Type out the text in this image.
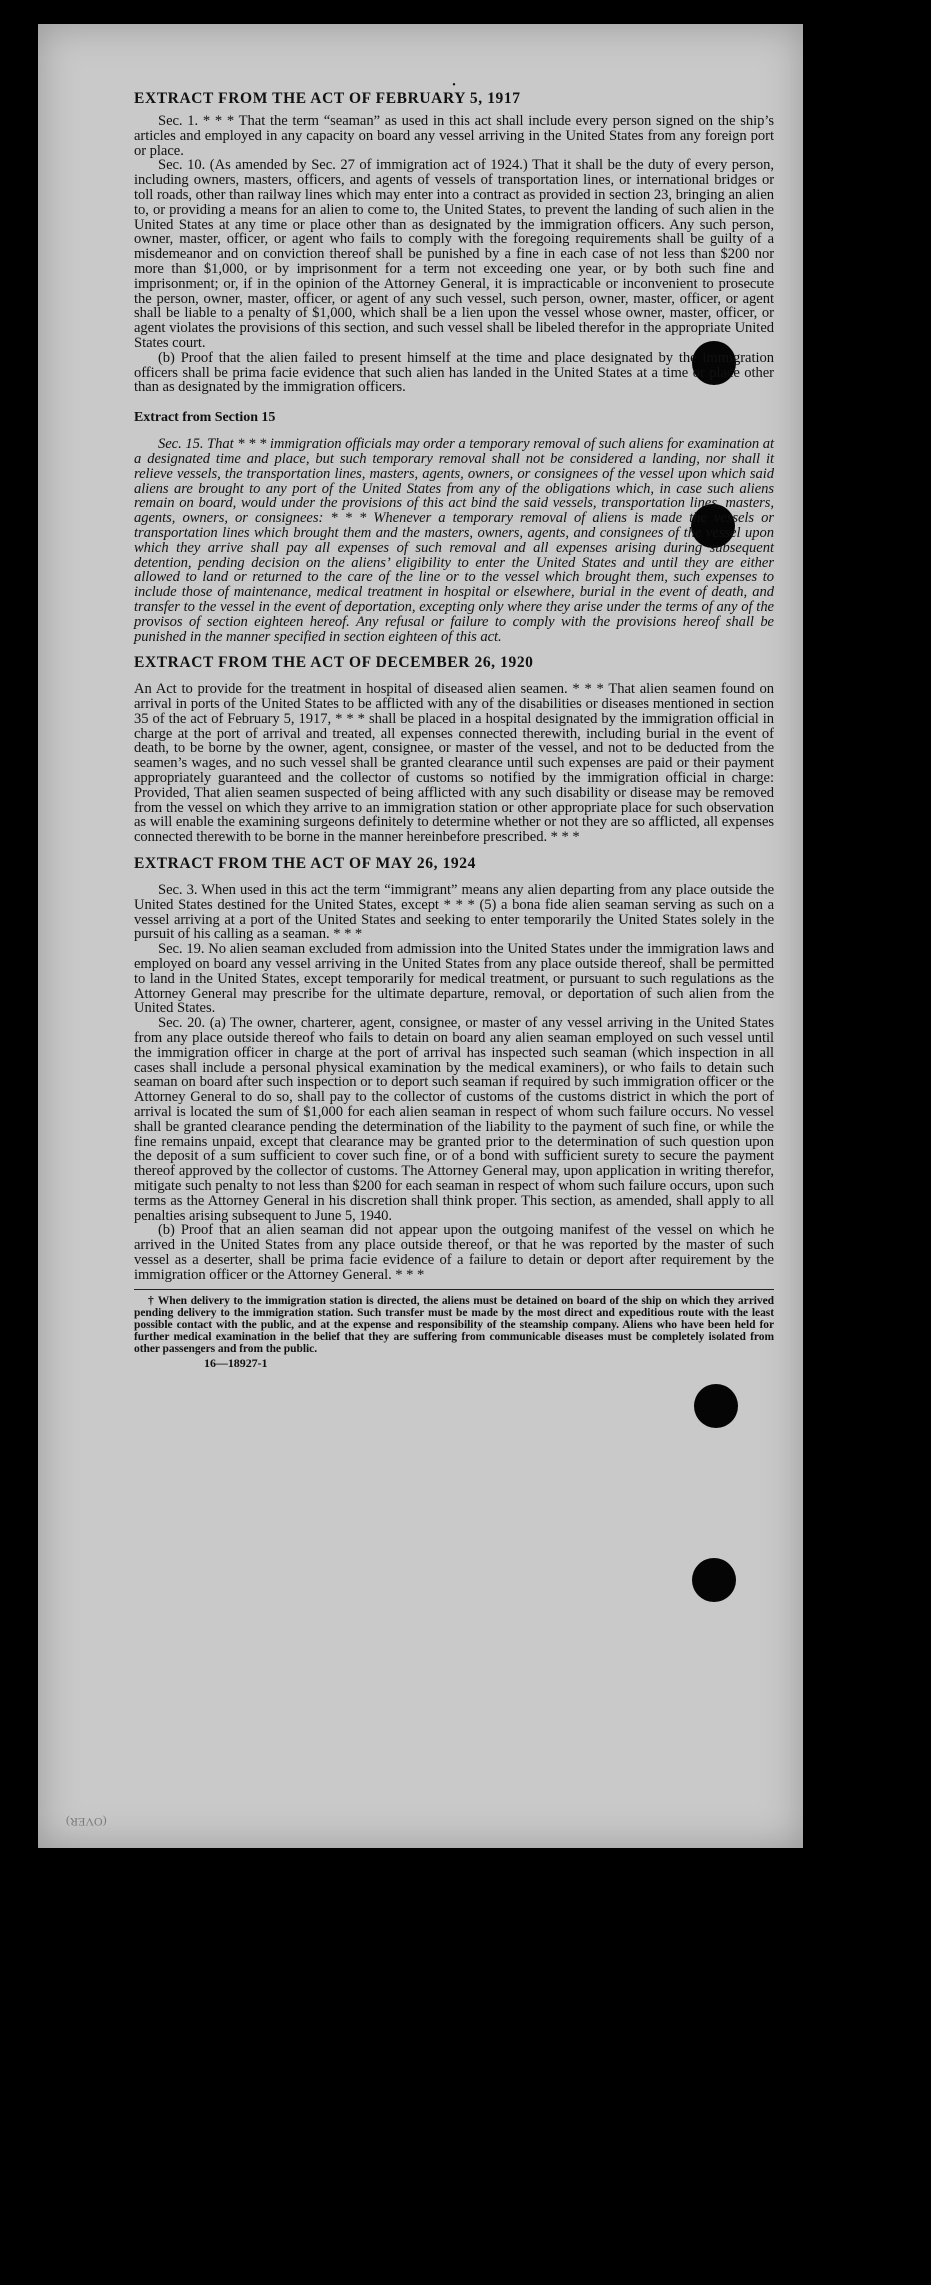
(OVER)
•

EXTRACT FROM THE ACT OF FEBRUARY 5, 1917

Sec. 1. * * * That the term “seaman” as used in this act shall include every person signed on the ship’s articles and employed in any capacity on board any vessel arriving in the United States from any foreign port or place.

Sec. 10. (As amended by Sec. 27 of immigration act of 1924.) That it shall be the duty of every person, including owners, masters, officers, and agents of vessels of transportation lines, or international bridges or toll roads, other than railway lines which may enter into a contract as provided in section 23, bringing an alien to, or providing a means for an alien to come to, the United States, to prevent the landing of such alien in the United States at any time or place other than as designated by the immigration officers. Any such person, owner, master, officer, or agent who fails to comply with the foregoing requirements shall be guilty of a misdemeanor and on conviction thereof shall be punished by a fine in each case of not less than $200 nor more than $1,000, or by imprisonment for a term not exceeding one year, or by both such fine and imprisonment; or, if in the opinion of the Attorney General, it is impracticable or inconvenient to prosecute the person, owner, master, officer, or agent of any such vessel, such person, owner, master, officer, or agent shall be liable to a penalty of $1,000, which shall be a lien upon the vessel whose owner, master, officer, or agent violates the provisions of this section, and such vessel shall be libeled therefor in the appropriate United States court.

(b) Proof that the alien failed to present himself at the time and place designated by the immigration officers shall be prima facie evidence that such alien has landed in the United States at a time or place other than as designated by the immigration officers.

Extract from Section 15

Sec. 15. That * * * immigration officials may order a temporary removal of such aliens for examination at a designated time and place, but such temporary removal shall not be considered a landing, nor shall it relieve vessels, the transportation lines, masters, agents, owners, or consignees of the vessel upon which said aliens are brought to any port of the United States from any of the obligations which, in case such aliens remain on board, would under the provisions of this act bind the said vessels, transportation lines, masters, agents, owners, or consignees: * * * Whenever a temporary removal of aliens is made the vessels or transportation lines which brought them and the masters, owners, agents, and consignees of the vessel upon which they arrive shall pay all expenses of such removal and all expenses arising during subsequent detention, pending decision on the aliens’ eligibility to enter the United States and until they are either allowed to land or returned to the care of the line or to the vessel which brought them, such expenses to include those of maintenance, medical treatment in hospital or elsewhere, burial in the event of death, and transfer to the vessel in the event of deportation, excepting only where they arise under the terms of any of the provisos of section eighteen hereof. Any refusal or failure to comply with the provisions hereof shall be punished in the manner specified in section eighteen of this act.

EXTRACT FROM THE ACT OF DECEMBER 26, 1920

An Act to provide for the treatment in hospital of diseased alien seamen. * * * That alien seamen found on arrival in ports of the United States to be afflicted with any of the disabilities or diseases mentioned in section 35 of the act of February 5, 1917, * * * shall be placed in a hospital designated by the immigration official in charge at the port of arrival and treated, all expenses connected therewith, including burial in the event of death, to be borne by the owner, agent, consignee, or master of the vessel, and not to be deducted from the seamen’s wages, and no such vessel shall be granted clearance until such expenses are paid or their payment appropriately guaranteed and the collector of customs so notified by the immigration official in charge: Provided, That alien seamen suspected of being afflicted with any such disability or disease may be removed from the vessel on which they arrive to an immigration station or other appropriate place for such observation as will enable the examining surgeons definitely to determine whether or not they are so afflicted, all expenses connected therewith to be borne in the manner hereinbefore prescribed. * * *

EXTRACT FROM THE ACT OF MAY 26, 1924

Sec. 3. When used in this act the term “immigrant” means any alien departing from any place outside the United States destined for the United States, except * * * (5) a bona fide alien seaman serving as such on a vessel arriving at a port of the United States and seeking to enter temporarily the United States solely in the pursuit of his calling as a seaman. * * *

Sec. 19. No alien seaman excluded from admission into the United States under the immigration laws and employed on board any vessel arriving in the United States from any place outside thereof, shall be permitted to land in the United States, except temporarily for medical treatment, or pursuant to such regulations as the Attorney General may prescribe for the ultimate departure, removal, or deportation of such alien from the United States.

Sec. 20. (a) The owner, charterer, agent, consignee, or master of any vessel arriving in the United States from any place outside thereof who fails to detain on board any alien seaman employed on such vessel until the immigration officer in charge at the port of arrival has inspected such seaman (which inspection in all cases shall include a personal physical examination by the medical examiners), or who fails to detain such seaman on board after such inspection or to deport such seaman if required by such immigration officer or the Attorney General to do so, shall pay to the collector of customs of the customs district in which the port of arrival is located the sum of $1,000 for each alien seaman in respect of whom such failure occurs. No vessel shall be granted clearance pending the determination of the liability to the payment of such fine, or while the fine remains unpaid, except that clearance may be granted prior to the determination of such question upon the deposit of a sum sufficient to cover such fine, or of a bond with sufficient surety to secure the payment thereof approved by the collector of customs. The Attorney General may, upon application in writing therefor, mitigate such penalty to not less than $200 for each seaman in respect of whom such failure occurs, upon such terms as the Attorney General in his discretion shall think proper. This section, as amended, shall apply to all penalties arising subsequent to June 5, 1940.

(b) Proof that an alien seaman did not appear upon the outgoing manifest of the vessel on which he arrived in the United States from any place outside thereof, or that he was reported by the master of such vessel as a deserter, shall be prima facie evidence of a failure to detain or deport after requirement by the immigration officer or the Attorney General. * * *

† When delivery to the immigration station is directed, the aliens must be detained on board of the ship on which they arrived pending delivery to the immigration station. Such transfer must be made by the most direct and expeditious route with the least possible contact with the public, and at the expense and responsibility of the steamship company. Aliens who have been held for further medical examination in the belief that they are suffering from communicable diseases must be completely isolated from other passengers and from the public.

16—18927-1
